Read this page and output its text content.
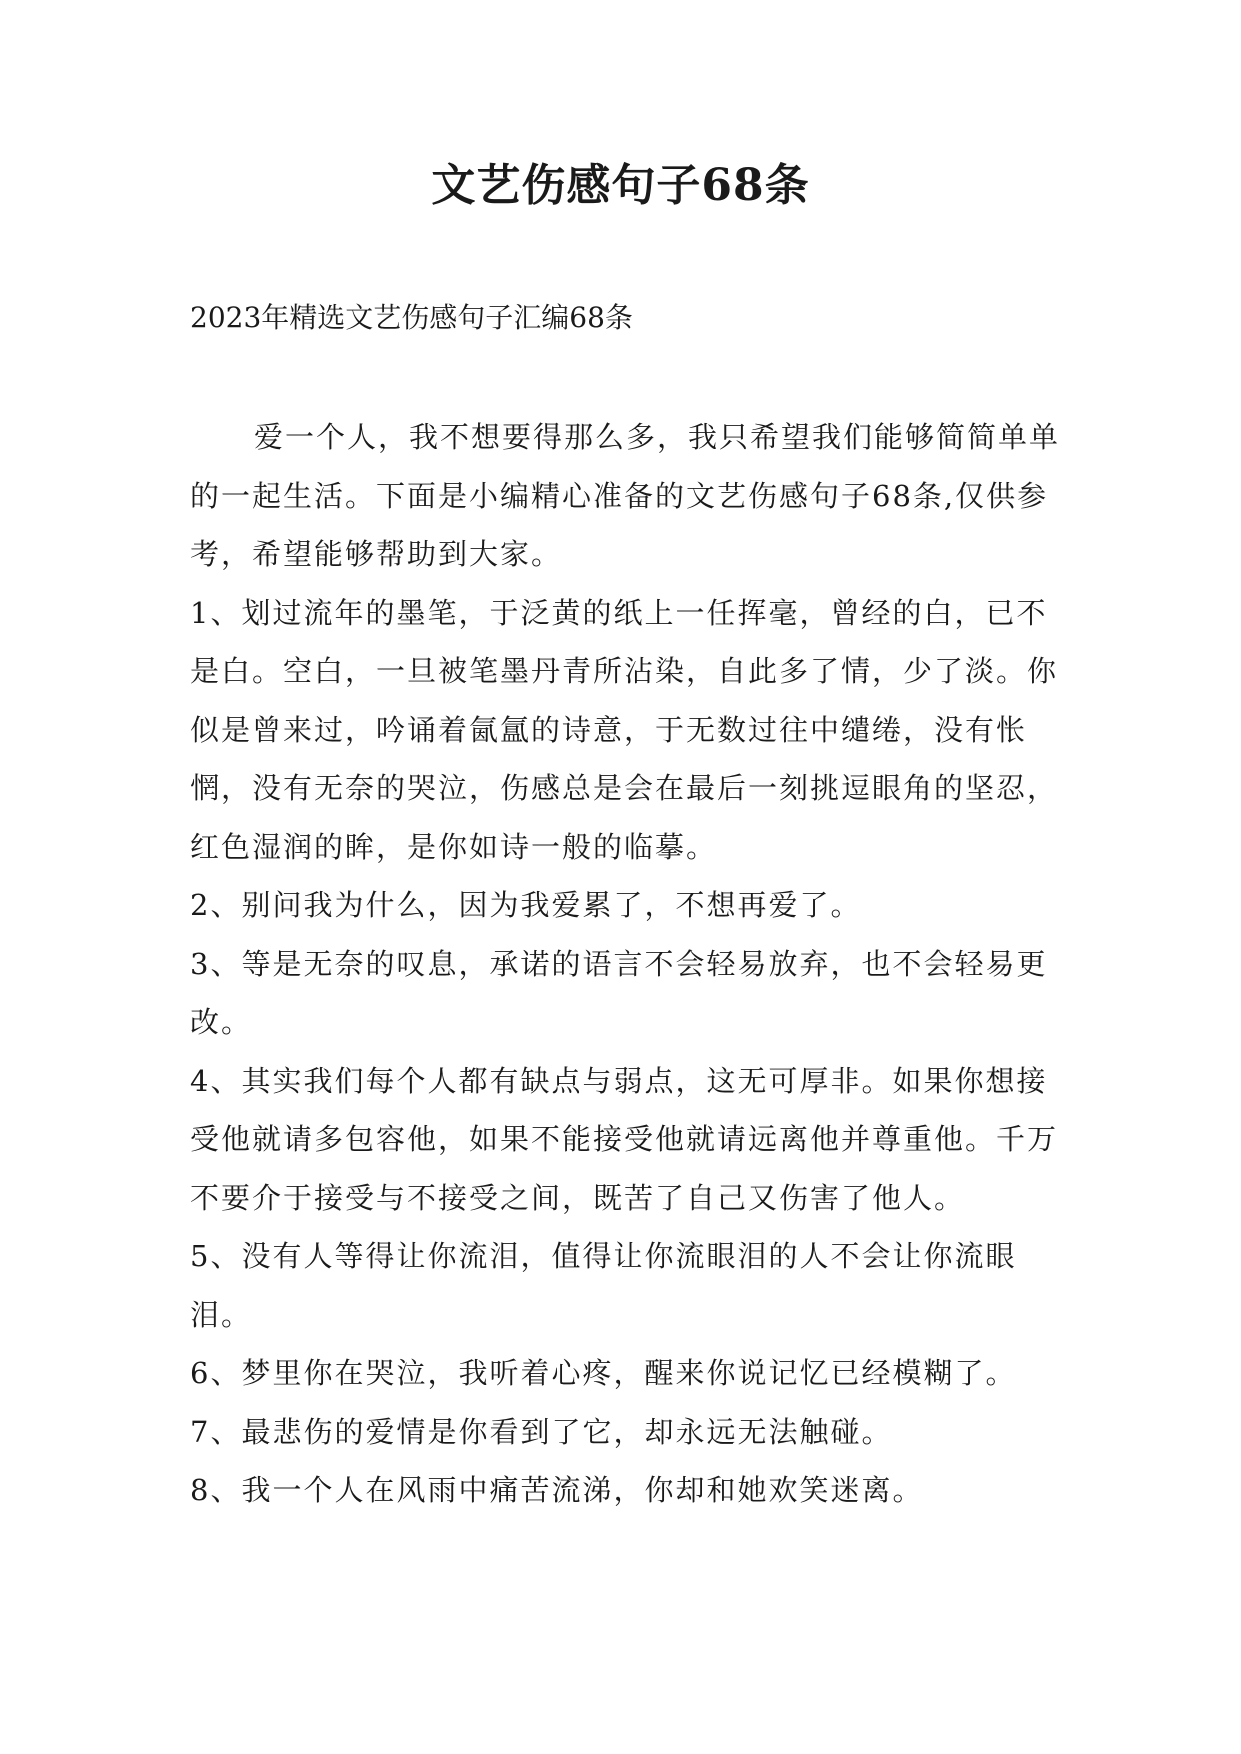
文艺伤感句子68条
2023年精选文艺伤感句子汇编68条

爱一个人，我不想要得那么多，我只希望我们能够简简单单的一起生活。下面是小编精心准备的文艺伤感句子68条,仅供参考，希望能够帮助到大家。

1、划过流年的墨笔，于泛黄的纸上一任挥毫，曾经的白，已不是白。空白，一旦被笔墨丹青所沾染，自此多了情，少了淡。你似是曾来过，吟诵着氤氲的诗意，于无数过往中缱绻，没有怅惘，没有无奈的哭泣，伤感总是会在最后一刻挑逗眼角的坚忍，红色湿润的眸，是你如诗一般的临摹。

2、别问我为什么，因为我爱累了，不想再爱了。

3、等是无奈的叹息，承诺的语言不会轻易放弃，也不会轻易更改。

4、其实我们每个人都有缺点与弱点，这无可厚非。如果你想接受他就请多包容他，如果不能接受他就请远离他并尊重他。千万不要介于接受与不接受之间，既苦了自己又伤害了他人。

5、没有人等得让你流泪，值得让你流眼泪的人不会让你流眼泪。

6、梦里你在哭泣，我听着心疼，醒来你说记忆已经模糊了。

7、最悲伤的爱情是你看到了它，却永远无法触碰。

8、我一个人在风雨中痛苦流涕，你却和她欢笑迷离。
